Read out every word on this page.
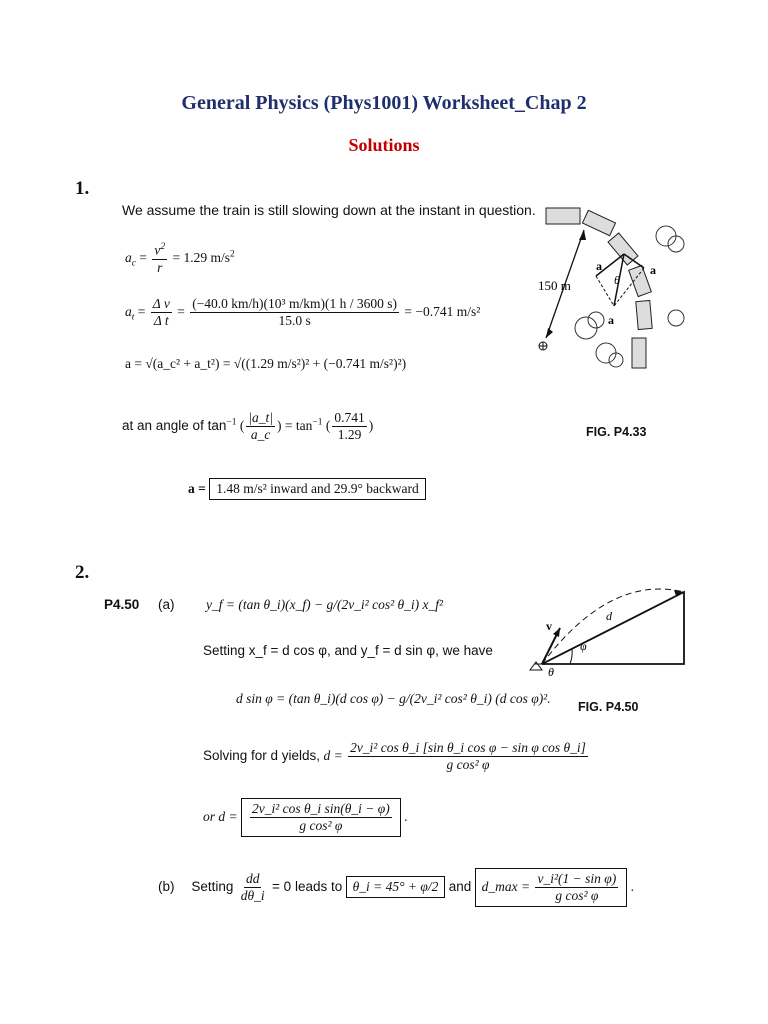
General Physics (Phys1001) Worksheet_Chap 2
Solutions
1.
We assume the train is still slowing down at the instant in question.
$a_c = \frac{v^2}{r} = 1.29$ $m/s^2$
$a_t = \frac{\text{Δ v}}{\text{Δ t}} = \frac{\text{(−40.0 km/h)(10³ m/km)(1 h / 3600 s)}}{15.0 s} = -0.741$ m/s²
a = √(a_c² + a_t²) = √((1.29 m/s²)² + (−0.741 m/s²)²)
at an angle of $\tan^{-1}$ ( $\frac{|a\_t|}{a\_c}$ ) = $\tan^{-1}$ ( $\frac{0.741}{1.29}$ )
a = 1.48 m/s² inward and 29.9° backward
150 m
a	a
θ
a
FIG. P4.33
2.
P4.50 (a) y_f = (tan θ_i)(x_f) − g/(2v_i² cos² θ_i) x_f²
Setting x_f = d cos φ, and y_f = d sin φ, we have
d sin φ = (tan θ_i)(d cos φ) − g/(2v_i² cos² θ_i) (d cos φ)².
Solving for d yields, $d = \frac{\text{2v\_i² cos θ\_i [sin θ\_i cos φ − sin φ cos θ\_i]}}{\text{g cos² φ}}$
or $d = \frac{\text{2v\_i² cos θ\_i sin(θ\_i − φ)}}{\text{g cos² φ}}$ .
(b) Setting $\frac{dd}{d\theta\_i} = 0$ leads to θ_i = 45° + φ/2 and d_max = $\frac{\text{v\_i²(1 − sin φ)}}{\text{g cos² φ}}$ .
v
d
φ
θ
FIG. P4.50
